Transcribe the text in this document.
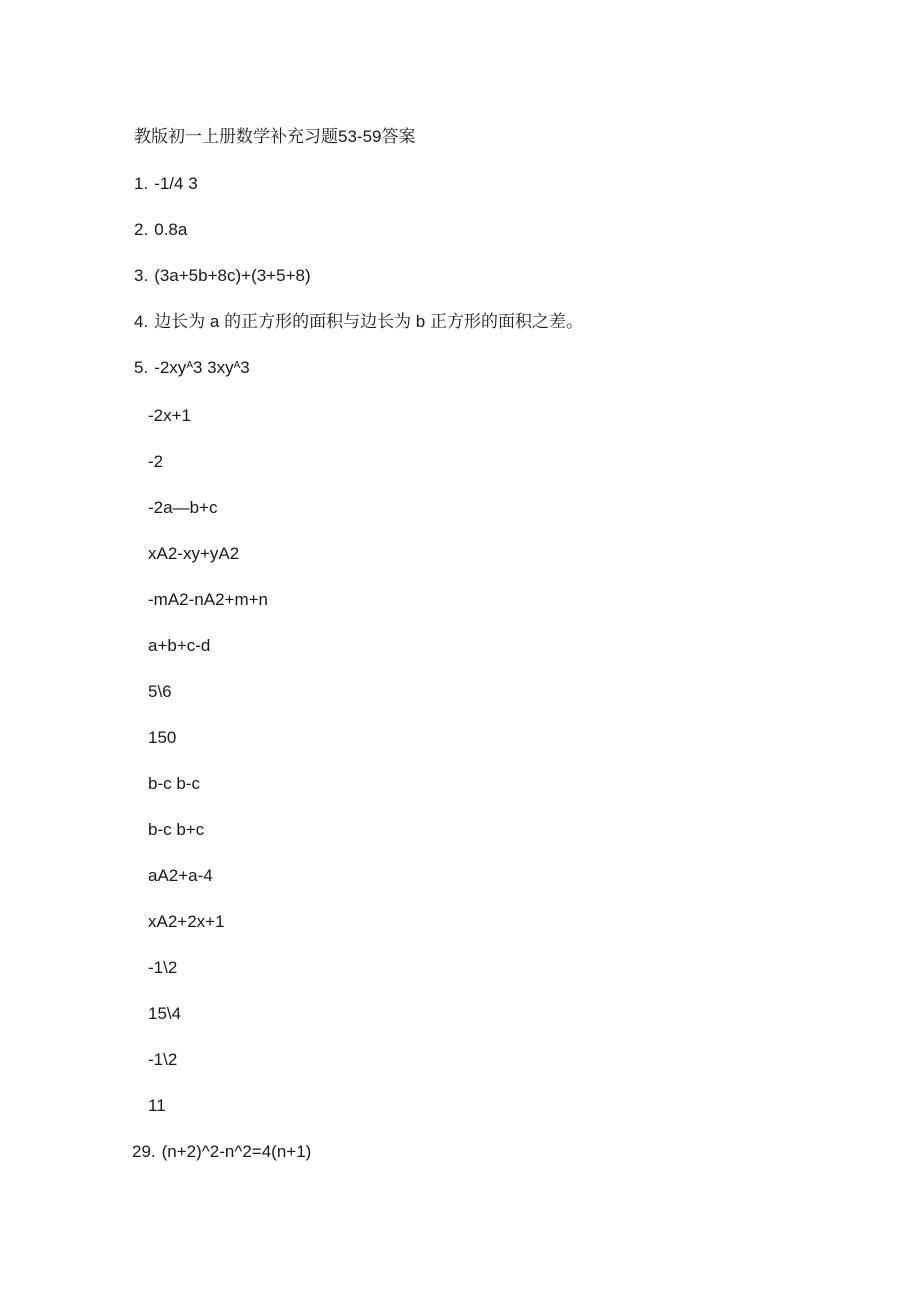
教版初一上册数学补充习题53-59答案
1. -1/4 3
2. 0.8a
3. (3a+5b+8c)+(3+5+8)
4. 边长为 a 的正方形的面积与边长为 b 正方形的面积之差。
5. $-2xy^A3$ $3xy^A3$
-2x+1
-2
-2a—b+c
xA2-xy+yA2
-mA2-nA2+m+n
a+b+c-d
5\6
150
b-c b-c
b-c b+c
aA2+a-4
xA2+2x+1
-1\2
15\4
-1\2
11
29. (n+2)^2-n^2=4(n+1)
